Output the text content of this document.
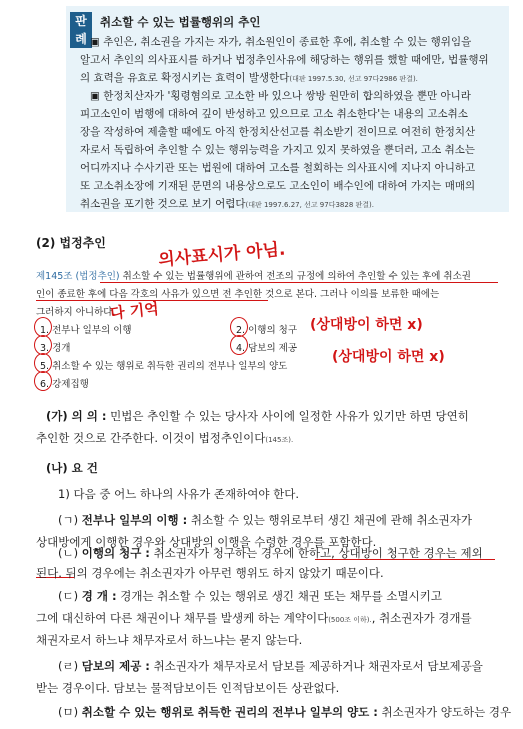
판
례
취소할 수 있는 법률행위의 추인
▣ 추인은, 취소권을 가지는 자가, 취소원인이 종료한 후에, 취소할 수 있는 행위임을
알고서 추인의 의사표시를 하거나 법정추인사유에 해당하는 행위를 했할 때에만, 법률행위
의 효력을 유효로 확정시키는 효력이 발생한다(대판 1997.5.30, 선고 97다2986 판결).
▣ 한정치산자가 '횡령혐의로 고소한 바 있으나 쌍방 원만히 합의하였을 뿐만 아니라
피고소인이 범행에 대하여 깊이 반성하고 있으므로 고소 취소한다'는 내용의 고소취소
장을 작성하여 제출할 때에도 아직 한정치산선고를 취소받기 전이므로 여전히 한정치산
자로서 독립하여 추인할 수 있는 행위능력을 가지고 있지 못하였을 뿐더러, 고소 취소는
어디까지나 수사기관 또는 법원에 대하여 고소를 철회하는 의사표시에 지나지 아니하고
또 고소취소장에 기재된 문면의 내용상으로도 고소인이 배수인에 대하여 가지는 매매의
취소권을 포기한 것으로 보기 어렵다(대판 1997.6.27, 선고 97다3828 판결).
(2) 법정추인
제145조 (법정추인) 취소할 수 있는 법률행위에 관하여 전조의 규정에 의하여 추인할 수 있는 후에 취소권
인이 종료한 후에 다음 각호의 사유가 있으면 전 추인한 것으로 본다. 그러나 이의를 보류한 때에는
그러하지 아니하다.
1. 전부나 일부의 이행	2. 이행의 청구
3. 경개	4. 담보의 제공
5. 취소할 수 있는 행위로 취득한 권리의 전부나 일부의 양도
6. 강제집행
의사표시가 아님.
다 기억
(상대방이 하면 x)
(상대방이 하면 x)
(가) 의 의 : 민법은 추인할 수 있는 당사자 사이에 일정한 사유가 있기만 하면 당연히
추인한 것으로 간주한다. 이것이 법정추인이다(145조).
(나) 요 건
1) 다음 중 어느 하나의 사유가 존재하여야 한다.
(ㄱ) 전부나 일부의 이행 : 취소할 수 있는 행위로부터 생긴 채권에 관해 취소권자가
상대방에게 이행한 경우와 상대방의 이행을 수령한 경우를 포함한다.
(ㄴ) 이행의 청구 : 취소권자가 청구하는 경우에 한하고, 상대방이 청구한 경우는 제외
된다. 뒤의 경우에는 취소권자가 아무런 행위도 하지 않았기 때문이다.
(ㄷ) 경 개 : 경개는 취소할 수 있는 행위로 생긴 채권 또는 채무를 소멸시키고
그에 대신하여 다른 채권이나 채무를 발생케 하는 계약이다(500조 이하)., 취소권자가 경개를
채권자로서 하느냐 채무자로서 하느냐는 묻지 않는다.
(ㄹ) 담보의 제공 : 취소권자가 채무자로서 담보를 제공하거나 채권자로서 담보제공을
받는 경우이다. 담보는 물적담보이든 인적담보이든 상관없다.
(ㅁ) 취소할 수 있는 행위로 취득한 권리의 전부나 일부의 양도 : 취소권자가 양도하는 경우
